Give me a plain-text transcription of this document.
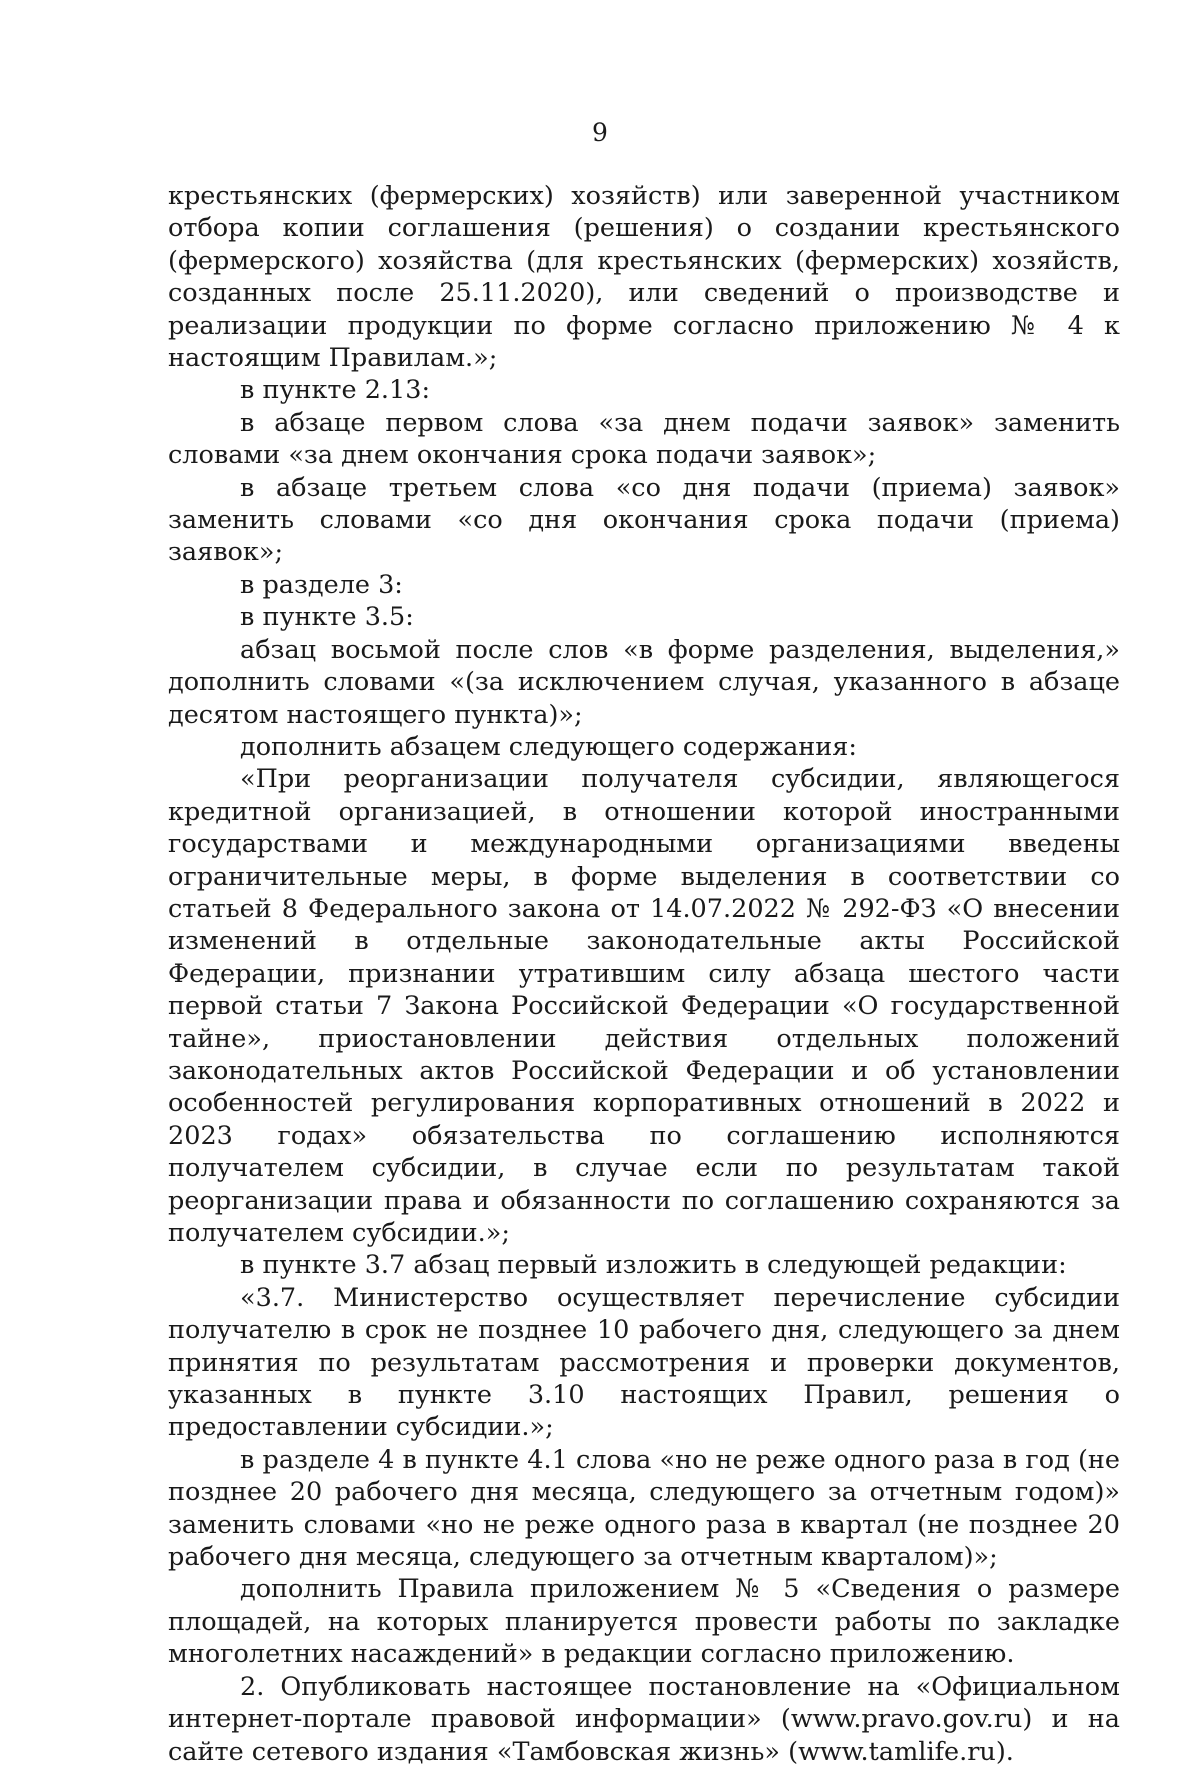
9

крестьянских (фермерских) хозяйств) или заверенной участником отбора копии соглашения (решения) о создании крестьянского (фермерского) хозяйства (для крестьянских (фермерских) хозяйств, созданных после 25.11.2020), или сведений о производстве и реализации продукции по форме согласно приложению № 4 к настоящим Правилам.»;

в пункте 2.13:

в абзаце первом слова «за днем подачи заявок» заменить словами «за днем окончания срока подачи заявок»;

в абзаце третьем слова «со дня подачи (приема) заявок» заменить словами «со дня окончания срока подачи (приема) заявок»;

в разделе 3:

в пункте 3.5:

абзац восьмой после слов «в форме разделения, выделения,» дополнить словами «(за исключением случая, указанного в абзаце десятом настоящего пункта)»;

дополнить абзацем следующего содержания:

«При реорганизации получателя субсидии, являющегося кредитной организацией, в отношении которой иностранными государствами и международными организациями введены ограничительные меры, в форме выделения в соответствии со статьей 8 Федерального закона от 14.07.2022 № 292-ФЗ «О внесении изменений в отдельные законодательные акты Российской Федерации, признании утратившим силу абзаца шестого части первой статьи 7 Закона Российской Федерации «О государственной тайне», приостановлении действия отдельных положений законодательных актов Российской Федерации и об установлении особенностей регулирования корпоративных отношений в 2022 и 2023 годах» обязательства по соглашению исполняются получателем субсидии, в случае если по результатам такой реорганизации права и обязанности по соглашению сохраняются за получателем субсидии.»;

в пункте 3.7 абзац первый изложить в следующей редакции:

«3.7. Министерство осуществляет перечисление субсидии получателю в срок не позднее 10 рабочего дня, следующего за днем принятия по результатам рассмотрения и проверки документов, указанных в пункте 3.10 настоящих Правил, решения о предоставлении субсидии.»;

в разделе 4 в пункте 4.1 слова «но не реже одного раза в год (не позднее 20 рабочего дня месяца, следующего за отчетным годом)» заменить словами «но не реже одного раза в квартал (не позднее 20 рабочего дня месяца, следующего за отчетным кварталом)»;

дополнить Правила приложением № 5 «Сведения о размере площадей, на которых планируется провести работы по закладке многолетних насаждений» в редакции согласно приложению.

2. Опубликовать настоящее постановление на «Официальном интернет-портале правовой информации» (www.pravo.gov.ru) и на сайте сетевого издания «Тамбовская жизнь» (www.tamlife.ru).
